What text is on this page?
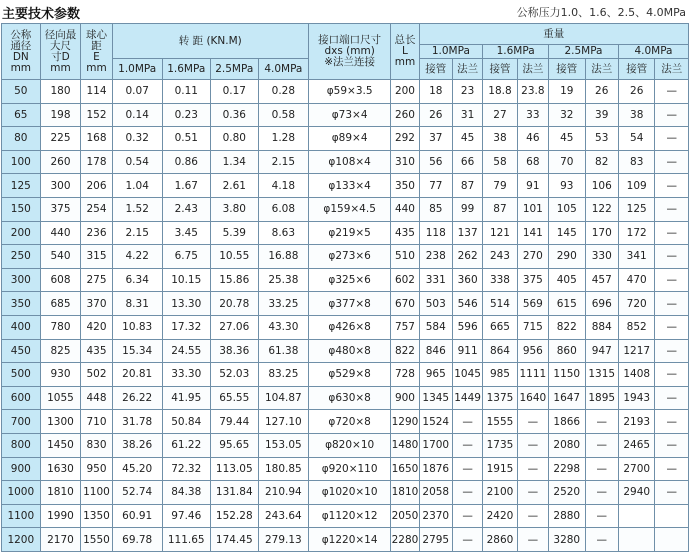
主要技术参数	公称压力1.0、1.6、2.5、4.0MPa
公称
通径
DN
mm	径向最
大尺
寸D
mm	球心
距
E
mm	转 距 (KN.M)				接口端口尺寸
dxs (mm)
※法兰连接	总长
L
mm	重量							
									1.0MPa		1.6MPa		2.5MPa		4.0MPa	
			1.0MPa	1.6MPa	2.5MPa	4.0MPa			接管	法兰	接管	法兰	接管	法兰	接管	法兰
50	180	114	0.07	0.11	0.17	0.28	φ59×3.5	200	18	23	18.8	23.8	19	26	26	—
65	198	152	0.14	0.23	0.36	0.58	φ73×4	260	26	31	27	33	32	39	38	—
80	225	168	0.32	0.51	0.80	1.28	φ89×4	292	37	45	38	46	45	53	54	—
100	260	178	0.54	0.86	1.34	2.15	φ108×4	310	56	66	58	68	70	82	83	—
125	300	206	1.04	1.67	2.61	4.18	φ133×4	350	77	87	79	91	93	106	109	—
150	375	254	1.52	2.43	3.80	6.08	φ159×4.5	440	85	99	87	101	105	122	125	—
200	440	236	2.15	3.45	5.39	8.63	φ219×5	435	118	137	121	141	145	170	172	—
250	540	315	4.22	6.75	10.55	16.88	φ273×6	510	238	262	243	270	290	330	341	—
300	608	275	6.34	10.15	15.86	25.38	φ325×6	602	331	360	338	375	405	457	470	—
350	685	370	8.31	13.30	20.78	33.25	φ377×8	670	503	546	514	569	615	696	720	—
400	780	420	10.83	17.32	27.06	43.30	φ426×8	757	584	596	665	715	822	884	852	—
450	825	435	15.34	24.55	38.36	61.38	φ480×8	822	846	911	864	956	860	947	1217	—
500	930	502	20.81	33.30	52.03	83.25	φ529×8	728	965	1045	985	1111	1150	1315	1408	—
600	1055	448	26.22	41.95	65.55	104.87	φ630×8	900	1345	1449	1375	1640	1647	1895	1943	—
700	1300	710	31.78	50.84	79.44	127.10	φ720×8	1290	1524	—	1555	—	1866	—	2193	—
800	1450	830	38.26	61.22	95.65	153.05	φ820×10	1480	1700	—	1735	—	2080	—	2465	—
900	1630	950	45.20	72.32	113.05	180.85	φ920×110	1650	1876	—	1915	—	2298	—	2700	—
1000	1810	1100	52.74	84.38	131.84	210.94	φ1020×10	1810	2058	—	2100	—	2520	—	2940	—
1100	1990	1350	60.91	97.46	152.28	243.64	φ1120×12	2050	2370	—	2420	—	2880	—		
1200	2170	1550	69.78	111.65	174.45	279.13	φ1220×14	2280	2795	—	2860	—	3280	—		
